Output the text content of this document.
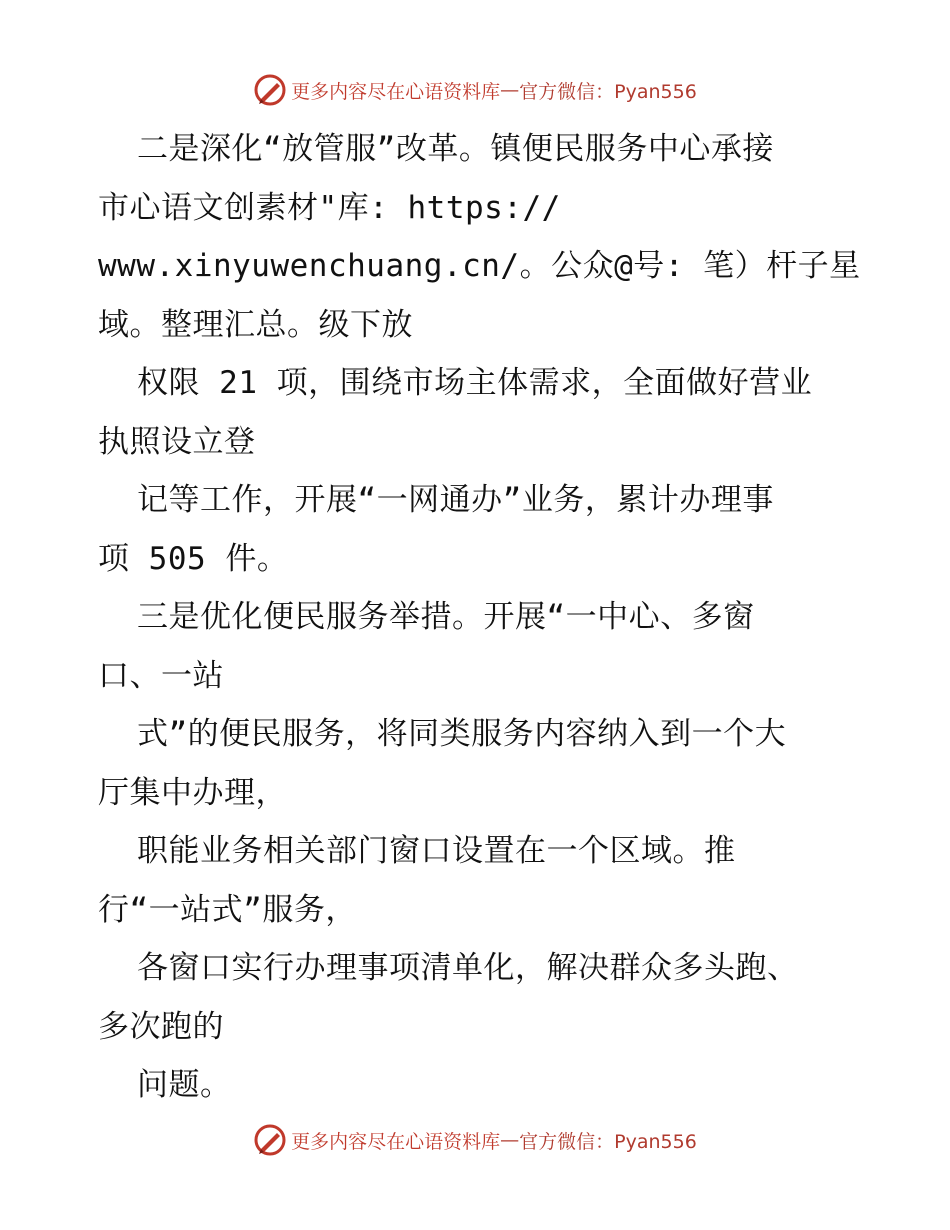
更多内容尽在心语资料库 — 官方微信：Pyan556
二是深化“放管服”改革。镇便民服务中心承接
市心语文创素材"库: https://
www.xinyuwenchuang.cn/。公众@号: 笔）杆子星
域。整理汇总。级下放
权限 21 项，围绕市场主体需求，全面做好营业
执照设立登
记等工作，开展“一网通办”业务，累计办理事
项 505 件。
三是优化便民服务举措。开展“一中心、多窗
口、一站
式”的便民服务，将同类服务内容纳入到一个大
厅集中办理，
职能业务相关部门窗口设置在一个区域。推
行“一站式”服务，
各窗口实行办理事项清单化，解决群众多头跑、
多次跑的
问题。
更多内容尽在心语资料库 — 官方微信：Pyan556
